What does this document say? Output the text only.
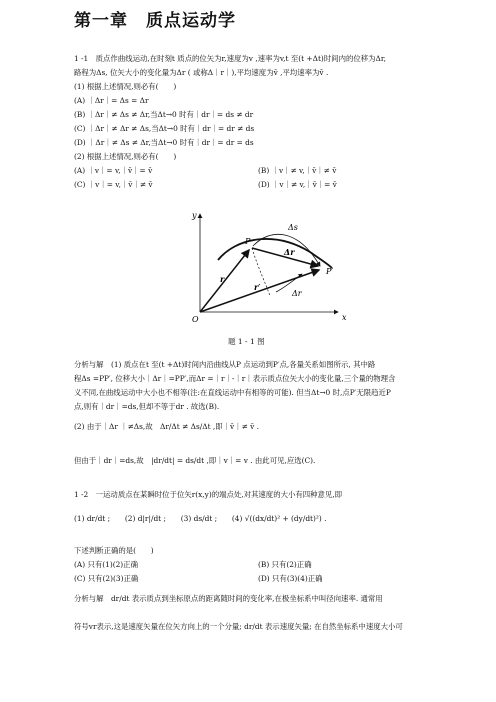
第一章　质点运动学
1 -1　质点作曲线运动,在时刻t 质点的位矢为r,速度为v ,速率为v,t 至(t +Δt)时间内的位移为Δr,
路程为Δs, 位矢大小的变化量为Δr ( 或称Δ｜r｜),平均速度为v̄ ,平均速率为v̄ .
(1) 根据上述情况,则必有(　　)
(A) ｜Δr｜= Δs = Δr
(B) ｜Δr｜≠ Δs ≠ Δr,当Δt→0 时有｜dr｜= ds ≠ dr
(C) ｜Δr｜≠ Δr ≠ Δs,当Δt→0 时有｜dr｜= dr ≠ ds
(D) ｜Δr｜≠ Δs ≠ Δr,当Δt→0 时有｜dr｜= dr = ds
(2) 根据上述情况,则必有(　　)
(A) ｜v｜= v,｜v̄｜= v̄	(B) ｜v｜≠ v,｜v̄｜≠ v̄
(C) ｜v｜= v,｜v̄｜≠ v̄	(D) ｜v｜≠ v,｜v̄｜= v̄
y
x
O
P
P′
Δs
Δr
r
r′
Δr
题 1 - 1 图
分析与解　(1) 质点在t 至(t +Δt)时间内沿曲线从P 点运动到P′点,各量关系如图所示, 其中路
程Δs =PP′, 位移大小｜Δr｜=PP′,而Δr =｜r｜-｜r｜表示质点位矢大小的变化量,三个量的物理含
义不同,在曲线运动中大小也不相等(注:在直线运动中有相等的可能). 但当Δt→0 时,点P′无限趋近P
点,则有｜dr｜=ds,但却不等于dr . 故选(B).
(2) 由于｜Δr ｜≠Δs,故　Δr/Δt ≠ Δs/Δt ,即｜v̄｜≠ v̄ .
但由于｜dr｜=ds,故　|dr/dt| = ds/dt ,即｜v｜= v . 由此可见,应选(C).
1 -2　一运动质点在某瞬时位于位矢r(x,y)的端点处,对其速度的大小有四种意见,即
(1) dr/dt ;　　(2) d|r|/dt ;　　(3) ds/dt ;　　(4) √((dx/dt)² + (dy/dt)²) .
下述判断正确的是(　　)
(A) 只有(1)(2)正确	(B) 只有(2)正确
(C) 只有(2)(3)正确	(D) 只有(3)(4)正确
分析与解　dr/dt 表示质点到坐标原点的距离随时间的变化率,在极坐标系中叫径向速率. 通常用
符号vr表示,这是速度矢量在位矢方向上的一个分量; dr/dt 表示速度矢量; 在自然坐标系中速度大小可
